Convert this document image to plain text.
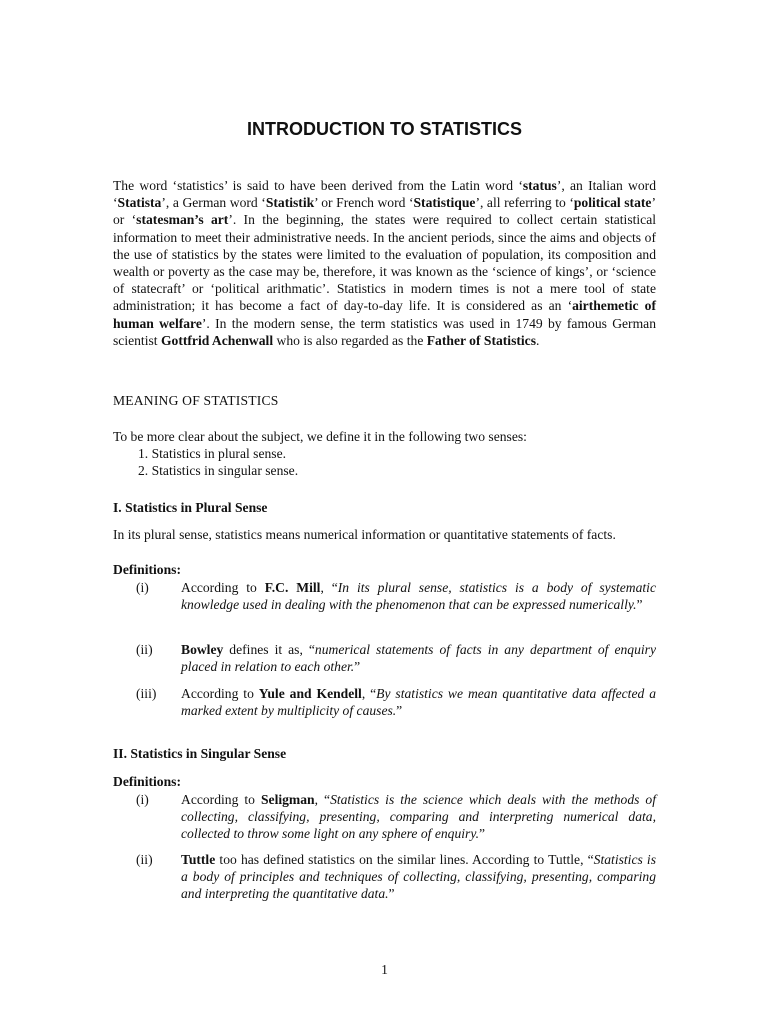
INTRODUCTION TO STATISTICS

The word ‘statistics’ is said to have been derived from the Latin word ‘status’, an Italian word ‘Statista’, a German word ‘Statistik’ or French word ‘Statistique’, all referring to ‘political state’ or ‘statesman’s art’. In the beginning, the states were required to collect certain statistical information to meet their administrative needs. In the ancient periods, since the aims and objects of the use of statistics by the states were limited to the evaluation of population, its composition and wealth or poverty as the case may be, therefore, it was known as the ‘science of kings’, or ‘science of statecraft’ or ‘political arithmatic’. Statistics in modern times is not a mere tool of state administration; it has become a fact of day-to-day life. It is considered as an ‘airthemetic of human welfare’. In the modern sense, the term statistics was used in 1749 by famous German scientist Gottfrid Achenwall who is also regarded as the Father of Statistics.

MEANING OF STATISTICS

To be more clear about the subject, we define it in the following two senses:

1. Statistics in plural sense.
2. Statistics in singular sense.
I. Statistics in Plural Sense

In its plural sense, statistics means numerical information or quantitative statements of facts.

Definitions:

(i) According to F.C. Mill, “In its plural sense, statistics is a body of systematic knowledge used in dealing with the phenomenon that can be expressed numerically.”

(ii) Bowley defines it as, “numerical statements of facts in any department of enquiry placed in relation to each other.”

(iii) According to Yule and Kendell, “By statistics we mean quantitative data affected a marked extent by multiplicity of causes.”

II. Statistics in Singular Sense

Definitions:

(i) According to Seligman, “Statistics is the science which deals with the methods of collecting, classifying, presenting, comparing and interpreting numerical data, collected to throw some light on any sphere of enquiry.”

(ii) Tuttle too has defined statistics on the similar lines. According to Tuttle, “Statistics is a body of principles and techniques of collecting, classifying, presenting, comparing and interpreting the quantitative data.”

1
